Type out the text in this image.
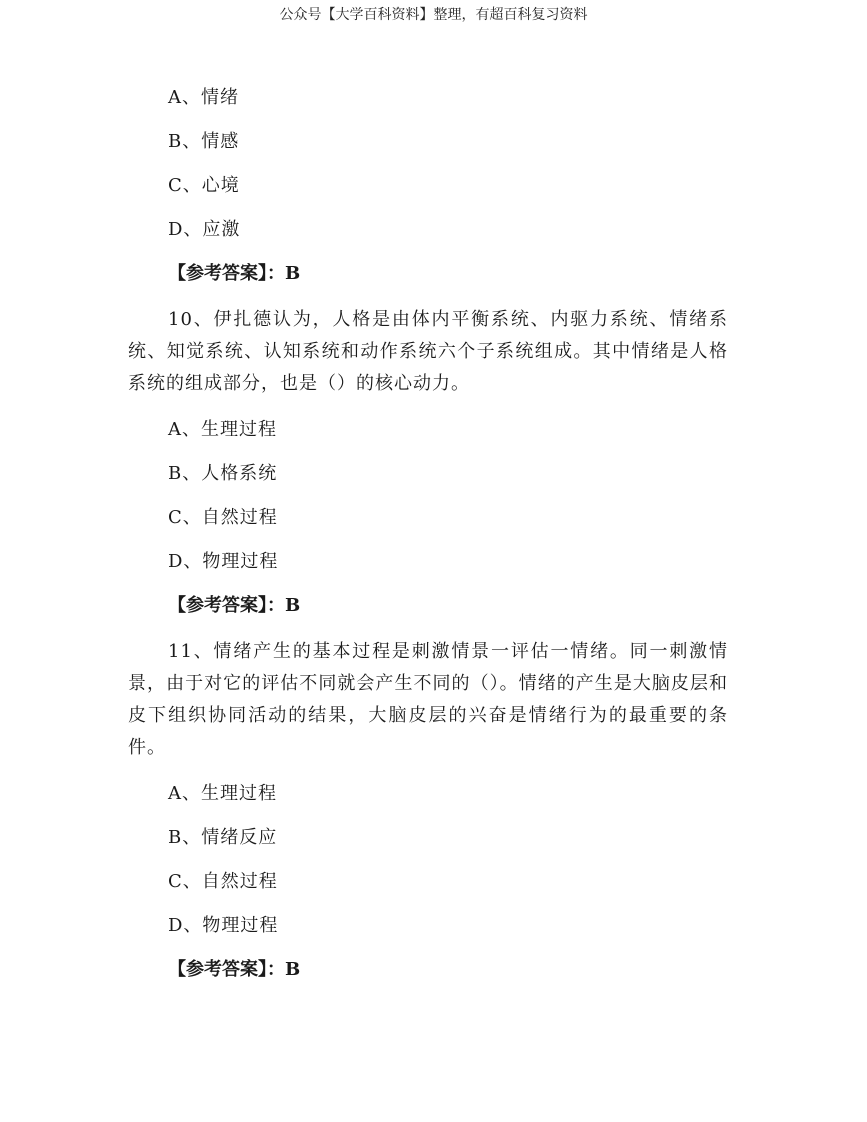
公众号【大学百科资料】整理，有超百科复习资料
A、情绪
B、情感
C、心境
D、应激
【参考答案】：B
10、伊扎德认为，人格是由体内平衡系统、内驱力系统、情绪系统、知觉系统、认知系统和动作系统六个子系统组成。其中情绪是人格系统的组成部分，也是（）的核心动力。
A、生理过程
B、人格系统
C、自然过程
D、物理过程
【参考答案】：B
11、情绪产生的基本过程是刺激情景一评估一情绪。同一刺激情景，由于对它的评估不同就会产生不同的（）。情绪的产生是大脑皮层和皮下组织协同活动的结果，大脑皮层的兴奋是情绪行为的最重要的条件。
A、生理过程
B、情绪反应
C、自然过程
D、物理过程
【参考答案】：B
